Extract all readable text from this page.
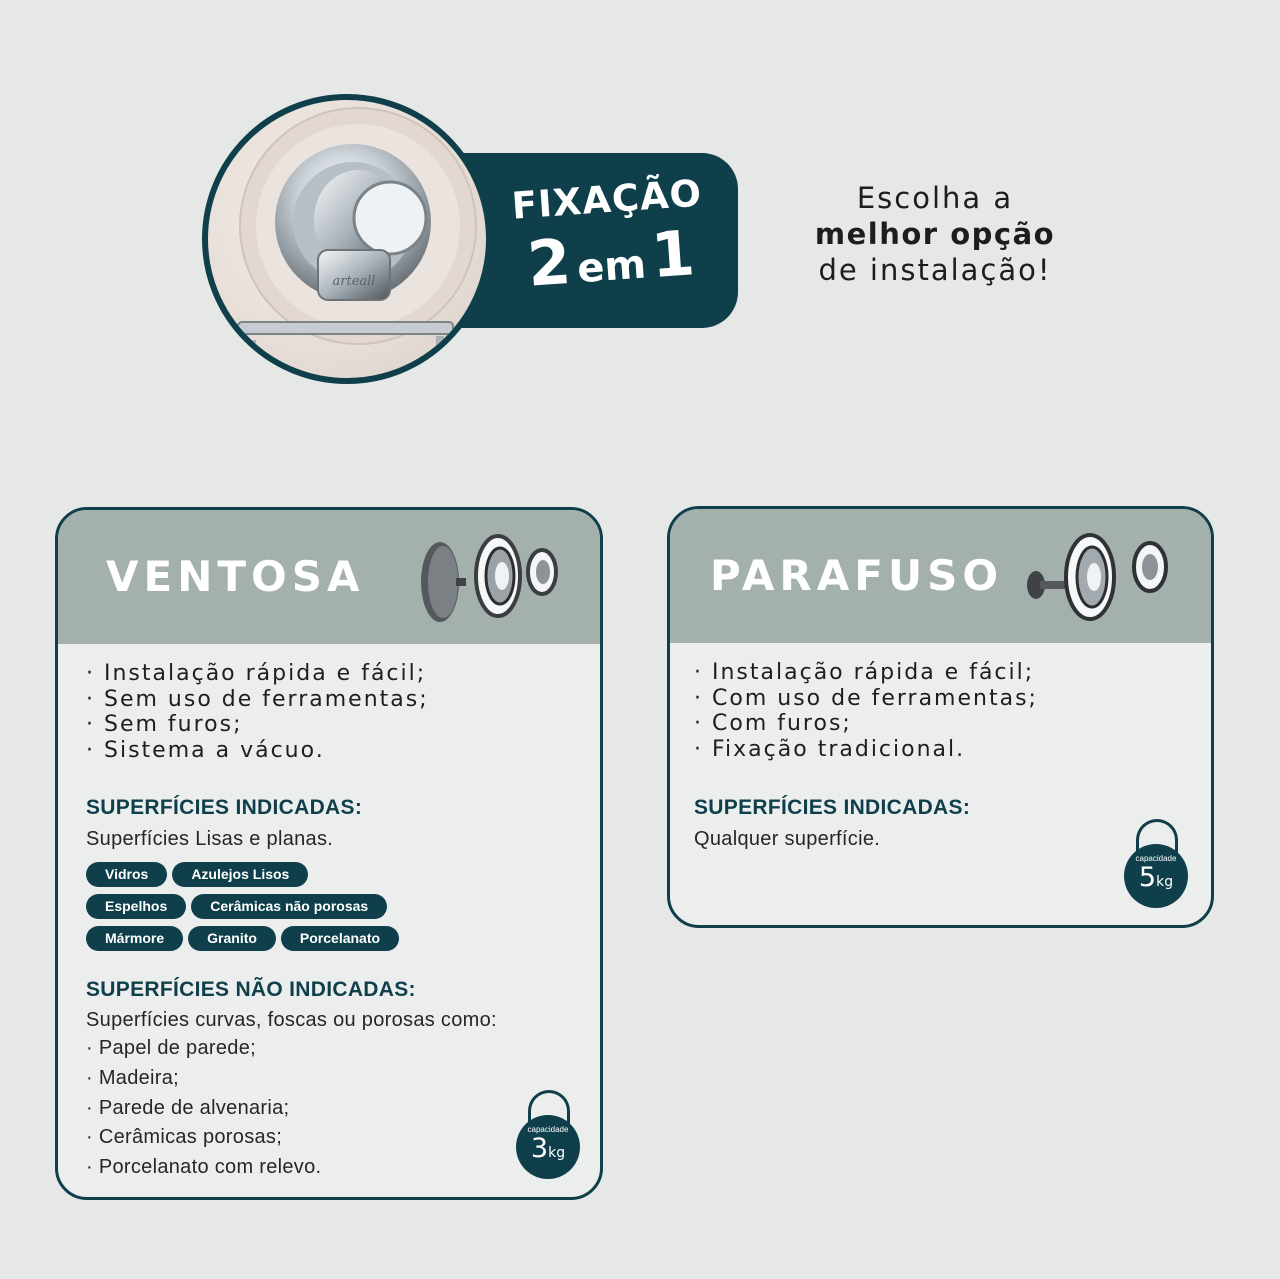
FIXAÇÃO
2em1
arteall
Escolha a
melhor opção
de instalação!
VENTOSA
· Instalação rápida e fácil;
· Sem uso de ferramentas;
· Sem furos;
· Sistema a vácuo.
SUPERFÍCIES INDICADAS:
Superfícies Lisas e planas.
Vidros	Azulejos Lisos
Espelhos	Cerâmicas não porosas
Mármore	Granito	Porcelanato
SUPERFÍCIES NÃO INDICADAS:
Superfícies curvas, foscas ou porosas como:
· Papel de parede;
· Madeira;
· Parede de alvenaria;
· Cerâmicas porosas;
· Porcelanato com relevo.
capacidade
3kg
PARAFUSO
· Instalação rápida e fácil;
· Com uso de ferramentas;
· Com furos;
· Fixação tradicional.
SUPERFÍCIES INDICADAS:
Qualquer superfície.
capacidade
5kg
